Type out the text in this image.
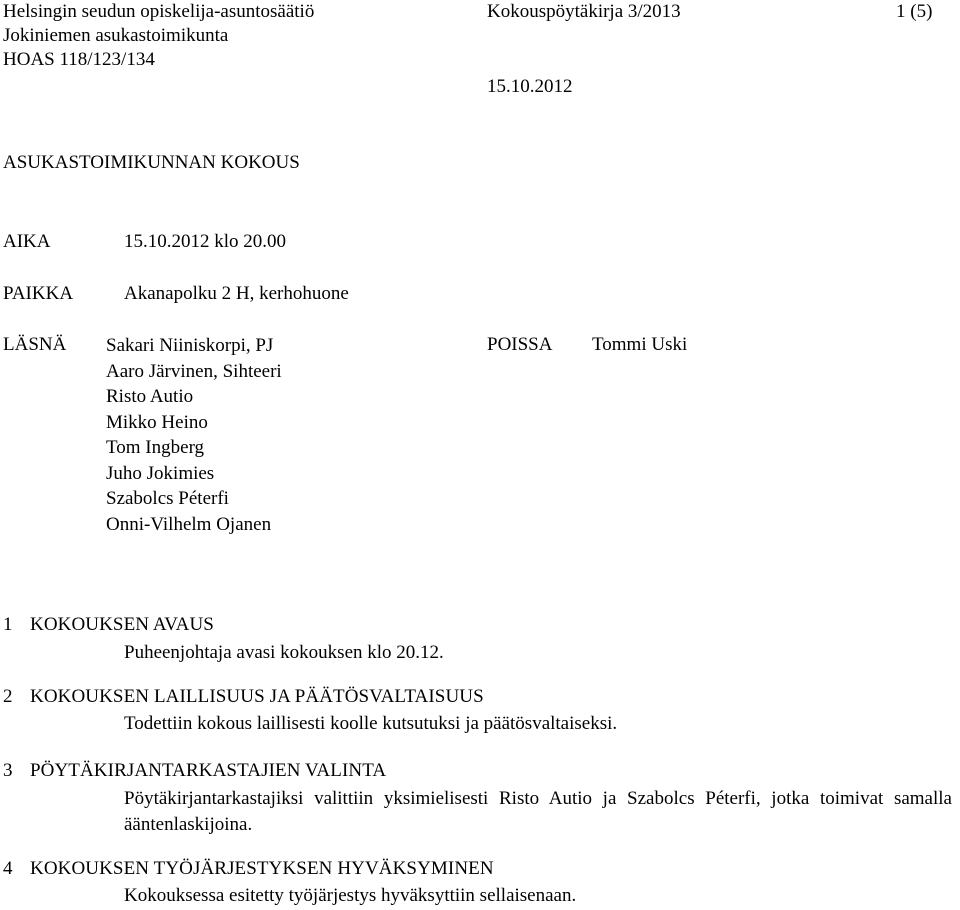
Helsingin seudun opiskelija-asuntosäätiö
Jokiniemen asukastoimikunta
HOAS 118/123/134
Kokouspöytäkirja 3/2013	1 (5)
15.10.2012
ASUKASTOIMIKUNNAN KOKOUS
AIKA	15.10.2012 klo 20.00
PAIKKA	Akanapolku 2 H, kerhohuone
LÄSNÄ Sakari Niiniskorpi, PJ
Aaro Järvinen, Sihteeri
Risto Autio
Mikko Heino
Tom Ingberg
Juho Jokimies
Szabolcs Péterfi
Onni-Vilhelm Ojanen
POISSA Tommi Uski
1 KOKOUKSEN AVAUS
Puheenjohtaja avasi kokouksen klo 20.12.
2 KOKOUKSEN LAILLISUUS JA PÄÄTÖSVALTAISUUS
Todettiin kokous laillisesti koolle kutsutuksi ja päätösvaltaiseksi.
3 PÖYTÄKIRJANTARKASTAJIEN VALINTA
Pöytäkirjantarkastajiksi valittiin yksimielisesti Risto Autio ja Szabolcs Péterfi, jotka toimivat samalla ääntenlaskijoina.
4 KOKOUKSEN TYÖJÄRJESTYKSEN HYVÄKSYMINEN
Kokouksessa esitetty työjärjestys hyväksyttiin sellaisenaan.
